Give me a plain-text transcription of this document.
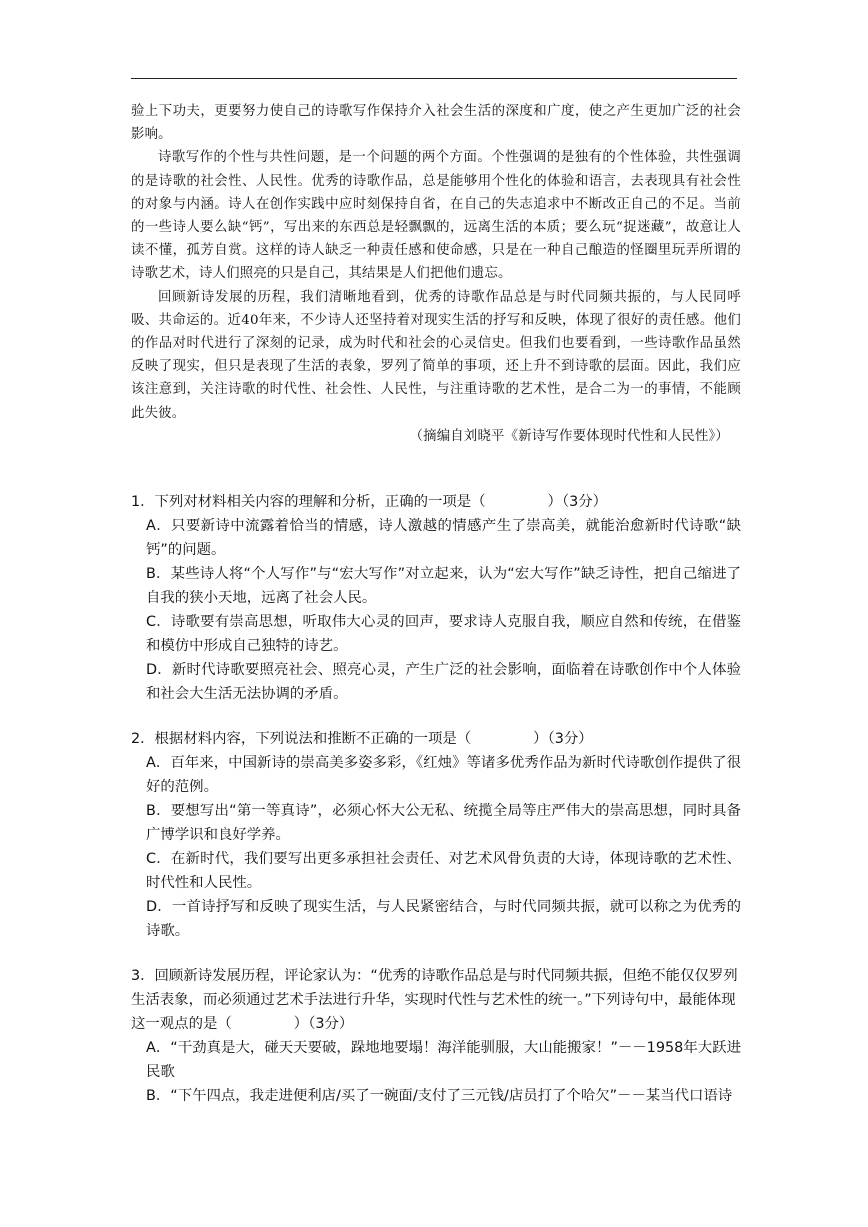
验上下功夫，更要努力使自己的诗歌写作保持介入社会生活的深度和广度，使之产生更加广泛的社会影响。

诗歌写作的个性与共性问题，是一个问题的两个方面。个性强调的是独有的个性体验，共性强调的是诗歌的社会性、人民性。优秀的诗歌作品，总是能够用个性化的体验和语言，去表现具有社会性的对象与内涵。诗人在创作实践中应时刻保持自省，在自己的失志追求中不断改正自己的不足。当前的一些诗人要么缺“钙”，写出来的东西总是轻飘飘的，远离生活的本质；要么玩“捉迷藏”，故意让人读不懂，孤芳自赏。这样的诗人缺乏一种责任感和使命感，只是在一种自己酿造的怪圈里玩弄所谓的诗歌艺术，诗人们照亮的只是自己，其结果是人们把他们遗忘。

回顾新诗发展的历程，我们清晰地看到，优秀的诗歌作品总是与时代同频共振的，与人民同呼吸、共命运的。近40年来，不少诗人还坚持着对现实生活的抒写和反映，体现了很好的责任感。他们的作品对时代进行了深刻的记录，成为时代和社会的心灵信史。但我们也要看到，一些诗歌作品虽然反映了现实，但只是表现了生活的表象，罗列了简单的事项，还上升不到诗歌的层面。因此，我们应该注意到，关注诗歌的时代性、社会性、人民性，与注重诗歌的艺术性，是合二为一的事情，不能顾此失彼。

（摘编自刘晓平《新诗写作要体现时代性和人民性》）

1．下列对材料相关内容的理解和分析，正确的一项是（	）（3分）

A．只要新诗中流露着恰当的情感，诗人激越的情感产生了崇高美，就能治愈新时代诗歌“缺钙”的问题。

B．某些诗人将“个人写作”与“宏大写作”对立起来，认为“宏大写作”缺乏诗性，把自己缩进了自我的狭小天地，远离了社会人民。

C．诗歌要有崇高思想，听取伟大心灵的回声，要求诗人克服自我，顺应自然和传统，在借鉴和模仿中形成自己独特的诗艺。

D．新时代诗歌要照亮社会、照亮心灵，产生广泛的社会影响，面临着在诗歌创作中个人体验和社会大生活无法协调的矛盾。

2．根据材料内容，下列说法和推断不正确的一项是（	）（3分）

A．百年来，中国新诗的崇高美多姿多彩，《红烛》等诸多优秀作品为新时代诗歌创作提供了很好的范例。

B．要想写出“第一等真诗”，必须心怀大公无私、统揽全局等庄严伟大的崇高思想，同时具备广博学识和良好学养。

C．在新时代，我们要写出更多承担社会责任、对艺术风骨负责的大诗，体现诗歌的艺术性、时代性和人民性。

D．一首诗抒写和反映了现实生活，与人民紧密结合，与时代同频共振，就可以称之为优秀的诗歌。

3．回顾新诗发展历程，评论家认为：“优秀的诗歌作品总是与时代同频共振，但绝不能仅仅罗列生活表象，而必须通过艺术手法进行升华，实现时代性与艺术性的统一。”下列诗句中，最能体现这一观点的是（	）（3分）

A．“干劲真是大，碰天天要破，跺地地要塌！海洋能驯服，大山能搬家！”－－1958年大跃进民歌

B．“下午四点，我走进便利店/买了一碗面/支付了三元钱/店员打了个哈欠”－－某当代口语诗
